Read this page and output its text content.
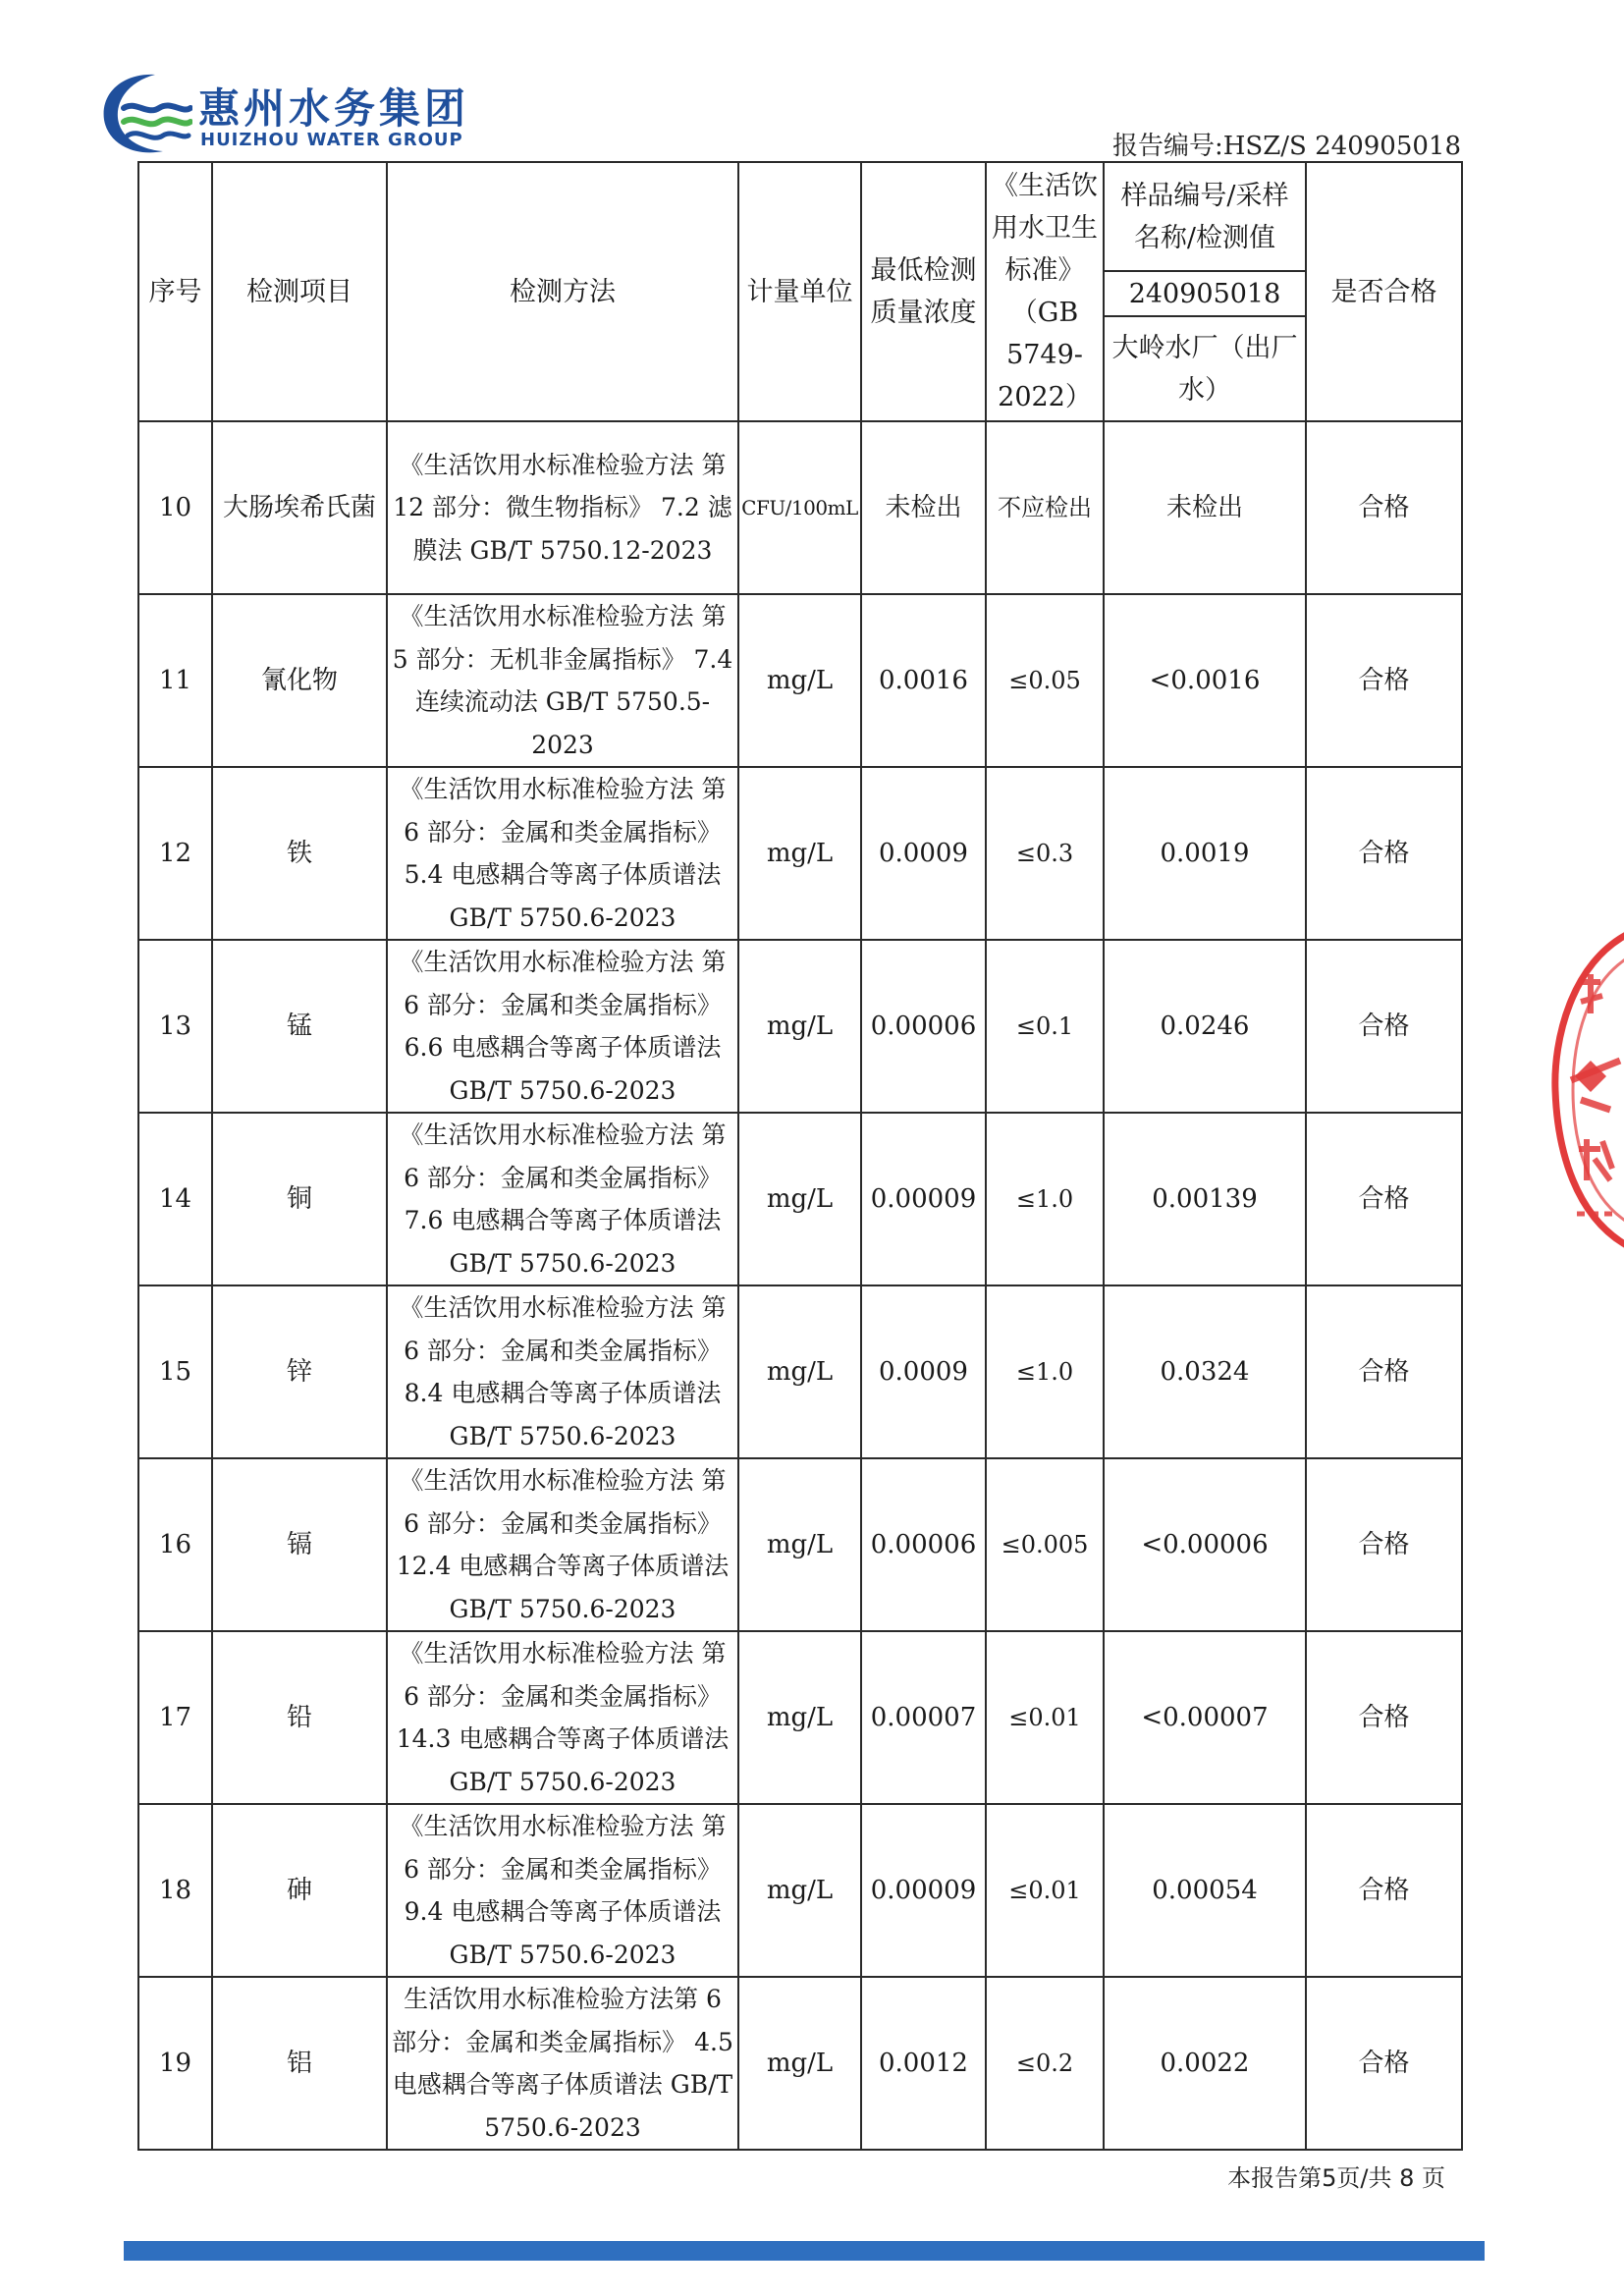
惠州水务集团
HUIZHOU WATER GROUP	报告编号:HSZ/S 240905018
序号	检测项目	检测方法	计量单位	最低检测质量浓度	《生活饮用水卫生标准》（GB 5749-2022）	样品编号/采样名称/检测值	是否合格
						240905018	
						大岭水厂（出厂水）	
10	大肠埃希氏菌	《生活饮用水标准检验方法 第 12 部分：微生物指标》 7.2 滤膜法 GB/T 5750.12-2023	CFU/100mL	未检出	不应检出	未检出	合格
11	氰化物	《生活饮用水标准检验方法 第 5 部分：无机非金属指标》 7.4 连续流动法 GB/T 5750.5-2023	mg/L	0.0016	≤0.05	<0.0016	合格
12	铁	《生活饮用水标准检验方法 第 6 部分：金属和类金属指标》5.4 电感耦合等离子体质谱法 GB/T 5750.6-2023	mg/L	0.0009	≤0.3	0.0019	合格
13	锰	《生活饮用水标准检验方法 第 6 部分：金属和类金属指标》6.6 电感耦合等离子体质谱法 GB/T 5750.6-2023	mg/L	0.00006	≤0.1	0.0246	合格
14	铜	《生活饮用水标准检验方法 第 6 部分：金属和类金属指标》7.6 电感耦合等离子体质谱法 GB/T 5750.6-2023	mg/L	0.00009	≤1.0	0.00139	合格
15	锌	《生活饮用水标准检验方法 第 6 部分：金属和类金属指标》8.4 电感耦合等离子体质谱法 GB/T 5750.6-2023	mg/L	0.0009	≤1.0	0.0324	合格
16	镉	《生活饮用水标准检验方法 第 6 部分：金属和类金属指标》12.4 电感耦合等离子体质谱法 GB/T 5750.6-2023	mg/L	0.00006	≤0.005	<0.00006	合格
17	铅	《生活饮用水标准检验方法 第 6 部分：金属和类金属指标》14.3 电感耦合等离子体质谱法 GB/T 5750.6-2023	mg/L	0.00007	≤0.01	<0.00007	合格
18	砷	《生活饮用水标准检验方法 第 6 部分：金属和类金属指标》9.4 电感耦合等离子体质谱法 GB/T 5750.6-2023	mg/L	0.00009	≤0.01	0.00054	合格
19	铝	生活饮用水标准检验方法第 6 部分：金属和类金属指标》 4.5 电感耦合等离子体质谱法 GB/T 5750.6-2023	mg/L	0.0012	≤0.2	0.0022	合格
本报告第5页/共 8 页
